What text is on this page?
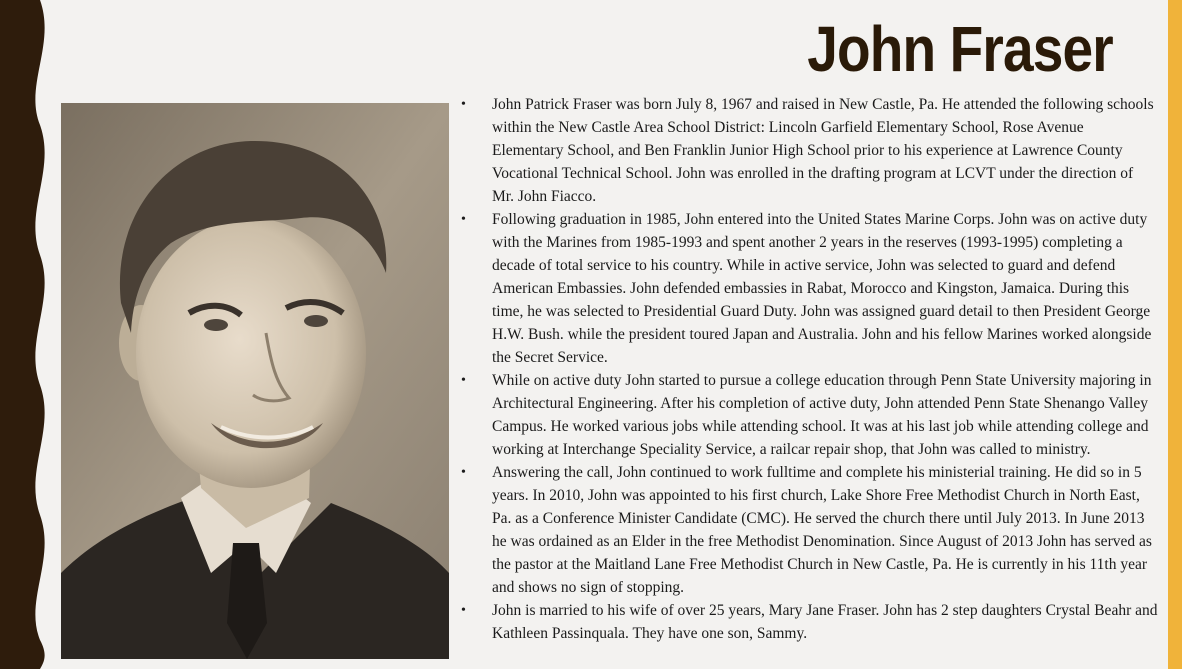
John Fraser
• John Patrick Fraser was born July 8, 1967 and raised in New Castle, Pa. He attended the following schools within the New Castle Area School District: Lincoln Garfield Elementary School, Rose Avenue Elementary School, and Ben Franklin Junior High School prior to his experience at Lawrence County Vocational Technical School. John was enrolled in the drafting program at LCVT under the direction of Mr. John Fiacco.
• Following graduation in 1985, John entered into the United States Marine Corps. John was on active duty with the Marines from 1985-1993 and spent another 2 years in the reserves (1993-1995) completing a decade of total service to his country. While in active service, John was selected to guard and defend American Embassies. John defended embassies in Rabat, Morocco and Kingston, Jamaica. During this time, he was selected to Presidential Guard Duty. John was assigned guard detail to then President George H.W. Bush. while the president toured Japan and Australia. John and his fellow Marines worked alongside the Secret Service.
• While on active duty John started to pursue a college education through Penn State University majoring in Architectural Engineering. After his completion of active duty, John attended Penn State Shenango Valley Campus. He worked various jobs while attending school. It was at his last job while attending college and working at Interchange Speciality Service, a railcar repair shop, that John was called to ministry.
• Answering the call, John continued to work fulltime and complete his ministerial training. He did so in 5 years. In 2010, John was appointed to his first church, Lake Shore Free Methodist Church in North East, Pa. as a Conference Minister Candidate (CMC). He served the church there until July 2013. In June 2013 he was ordained as an Elder in the free Methodist Denomination. Since August of 2013 John has served as the pastor at the Maitland Lane Free Methodist Church in New Castle, Pa. He is currently in his 11th year and shows no sign of stopping.
• John is married to his wife of over 25 years, Mary Jane Fraser. John has 2 step daughters Crystal Beahr and Kathleen Passinquala. They have one son, Sammy.
